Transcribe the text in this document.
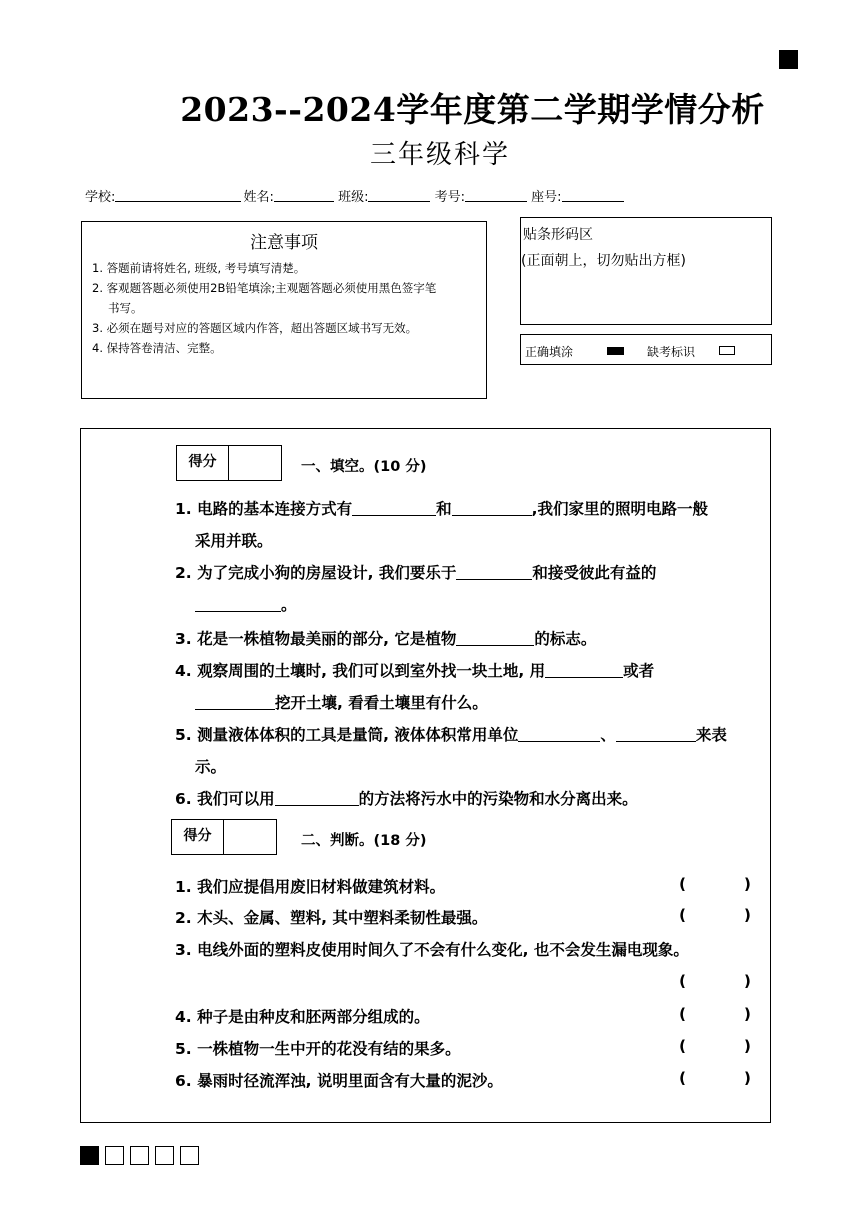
2023--2024学年度第二学期学情分析
三年级科学
学校:	姓名:	班级:	考号:	座号:
注意事项
1. 答题前请将姓名, 班级, 考号填写清楚。
2. 客观题答题必须使用2B铅笔填涂;主观题答题必须使用黑色签字笔
书写。
3. 必须在题号对应的答题区域内作答，超出答题区域书写无效。
4. 保持答卷清洁、完整。
贴条形码区
(正面朝上，切勿贴出方框)
正确填涂	缺考标识
得分	一、填空。(10 分)
1. 电路的基本连接方式有	和	,我们家里的照明电路一般
采用并联。
2. 为了完成小狗的房屋设计, 我们要乐于	和接受彼此有益的
。
3. 花是一株植物最美丽的部分, 它是植物	的标志。
4. 观察周围的土壤时, 我们可以到室外找一块土地, 用	或者
挖开土壤, 看看土壤里有什么。
5. 测量液体体积的工具是量筒, 液体体积常用单位	、	来表
示。
6. 我们可以用	的方法将污水中的污染物和水分离出来。
得分	二、判断。(18 分)
1. 我们应提倡用废旧材料做建筑材料。	(	)
2. 木头、金属、塑料, 其中塑料柔韧性最强。	(	)
3. 电线外面的塑料皮使用时间久了不会有什么变化, 也不会发生漏电现象。
(	)
4. 种子是由种皮和胚两部分组成的。	(	)
5. 一株植物一生中开的花没有结的果多。	(	)
6. 暴雨时径流浑浊, 说明里面含有大量的泥沙。	(	)
